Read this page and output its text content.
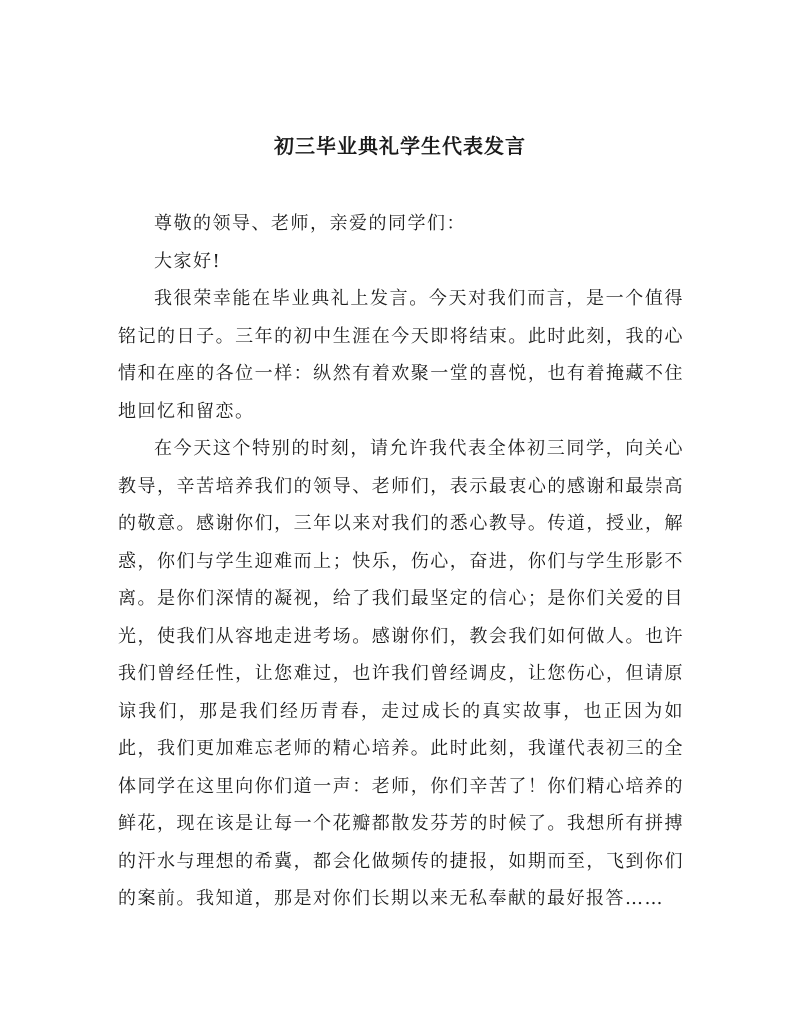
初三毕业典礼学生代表发言

尊敬的领导、老师，亲爱的同学们：

大家好!

我很荣幸能在毕业典礼上发言。今天对我们而言，是一个值得铭记的日子。三年的初中生涯在今天即将结束。此时此刻，我的心情和在座的各位一样：纵然有着欢聚一堂的喜悦，也有着掩藏不住地回忆和留恋。

在今天这个特别的时刻，请允许我代表全体初三同学，向关心教导，辛苦培养我们的领导、老师们，表示最衷心的感谢和最崇高的敬意。感谢你们，三年以来对我们的悉心教导。传道，授业，解惑，你们与学生迎难而上；快乐，伤心，奋进，你们与学生形影不离。是你们深情的凝视，给了我们最坚定的信心；是你们关爱的目光，使我们从容地走进考场。感谢你们，教会我们如何做人。也许我们曾经任性，让您难过，也许我们曾经调皮，让您伤心，但请原谅我们，那是我们经历青春，走过成长的真实故事，也正因为如此，我们更加难忘老师的精心培养。此时此刻，我谨代表初三的全体同学在这里向你们道一声：老师，你们辛苦了！你们精心培养的鲜花，现在该是让每一个花瓣都散发芬芳的时候了。我想所有拼搏的汗水与理想的希冀，都会化做频传的捷报，如期而至，飞到你们的案前。我知道，那是对你们长期以来无私奉献的最好报答……
